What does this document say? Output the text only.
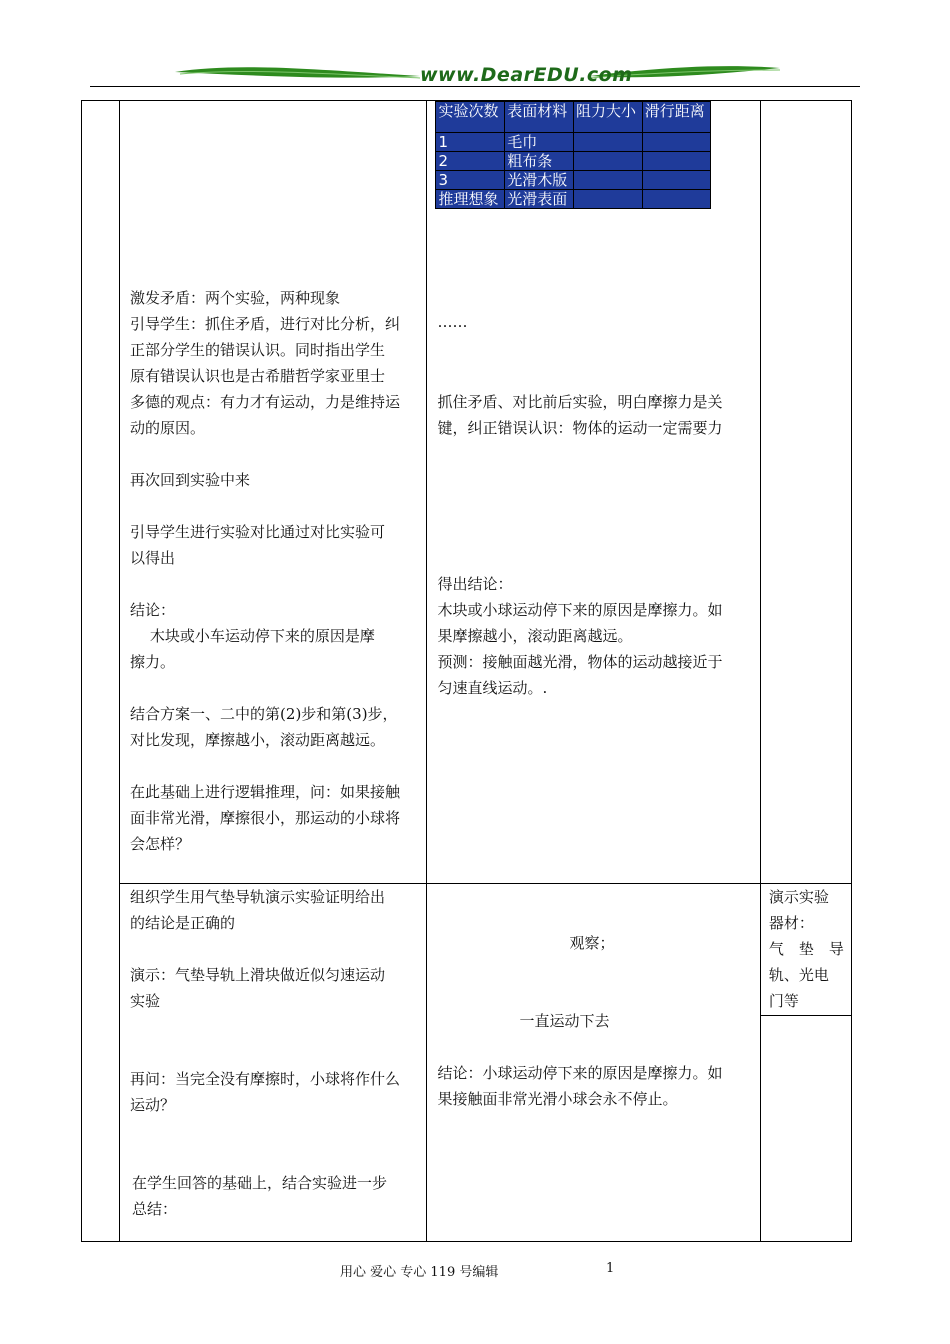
www.DearEDU.com

激发矛盾：两个实验，两种现象
引导学生：抓住矛盾，进行对比分析，纠
正部分学生的错误认识。同时指出学生
原有错误认识也是古希腊哲学家亚里士
多德的观点：有力才有运动，力是维持运
动的原因。
再次回到实验中来
引导学生进行实验对比通过对比实验可
以得出
结论：
　 木块或小车运动停下来的原因是摩
擦力。
结合方案一、二中的第(2)步和第(3)步，
对比发现，摩擦越小，滚动距离越远。
在此基础上进行逻辑推理，问：如果接触
面非常光滑，摩擦很小，那运动的小球将
会怎样？

实验次数	表面材料	阻力大小	滑行距离
1	毛巾		
2	粗布条		
3	光滑木版		
推理想象	光滑表面		
……
抓住矛盾、对比前后实验，明白摩擦力是关
键，纠正错误认识：物体的运动一定需要力
得出结论：
木块或小球运动停下来的原因是摩擦力。如
果摩擦越小，滚动距离越远。
预测：接触面越光滑，物体的运动越接近于
匀速直线运动。.

组织学生用气垫导轨演示实验证明给出
的结论是正确的
演示：气垫导轨上滑块做近似匀速运动
实验
再问：当完全没有摩擦时，小球将作什么
运动？
在学生回答的基础上，结合实验进一步
总结：

观察；
一直运动下去
结论：小球运动停下来的原因是摩擦力。如
果接触面非常光滑小球会永不停止。

演示实验
器材：
气　垫　导
轨、光电
门等

用心 爱心 专心 119 号编辑	1
